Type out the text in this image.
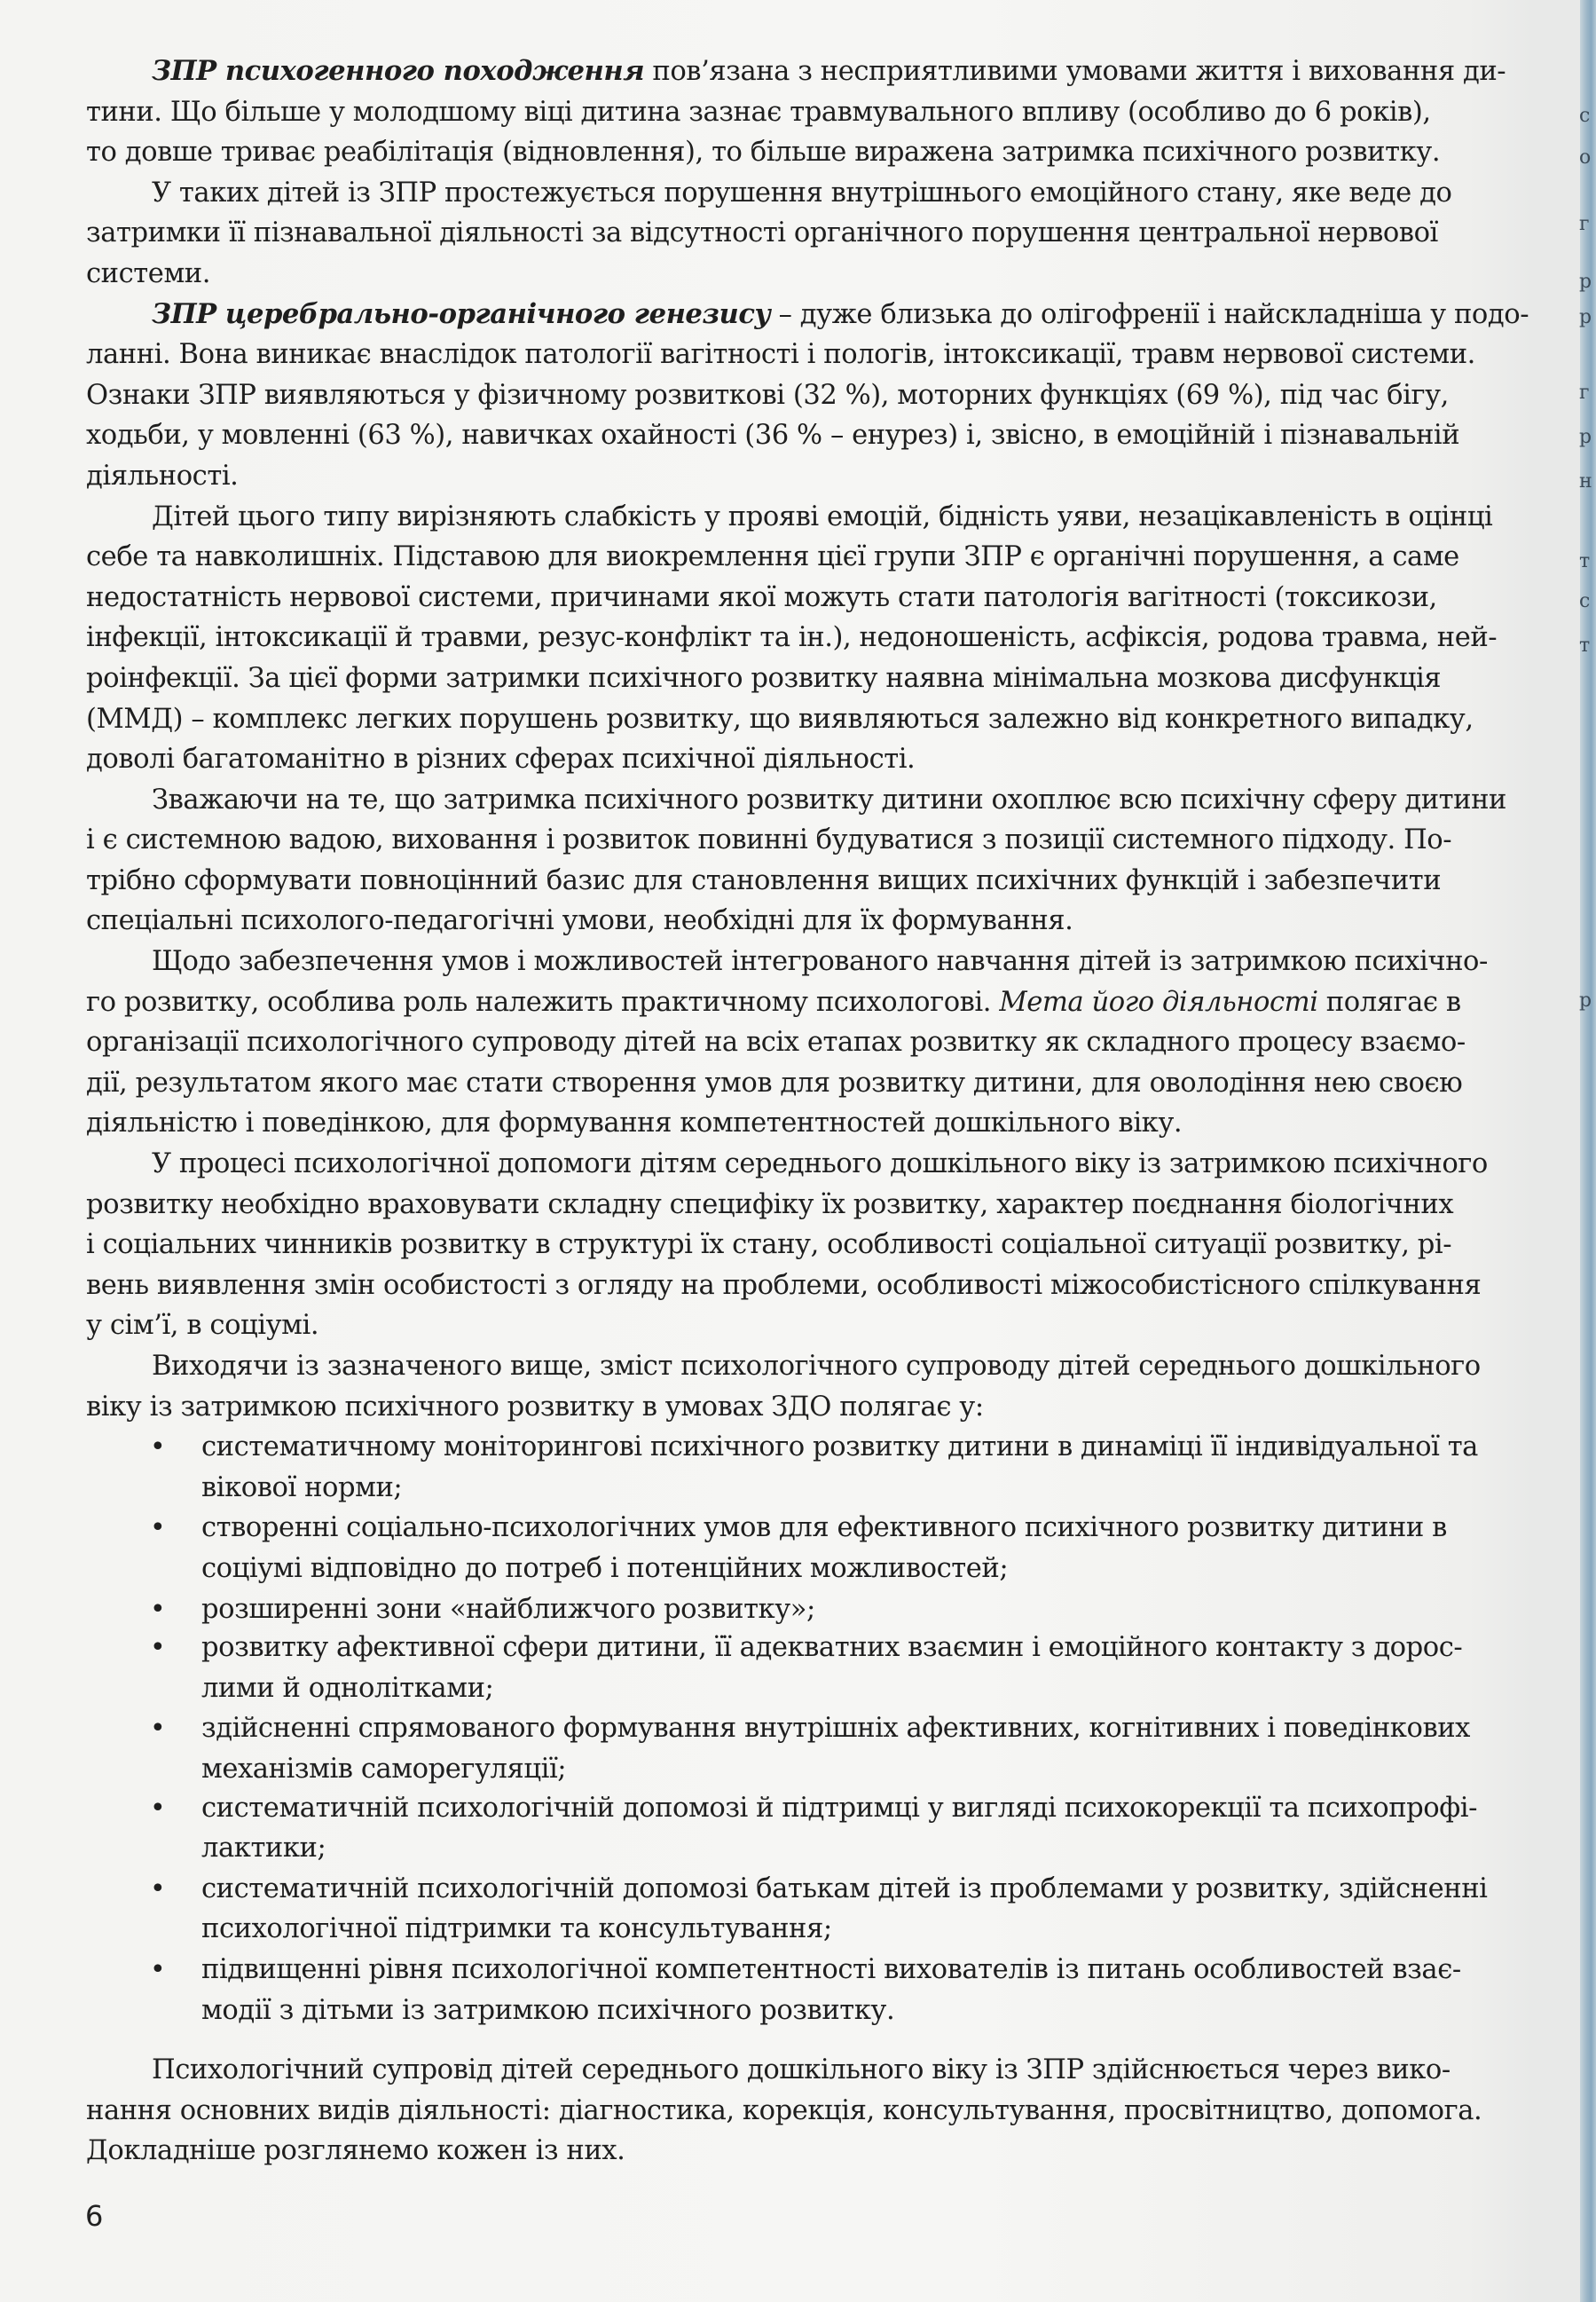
ЗПР психогенного походження пов’язана з несприятливими умовами життя і виховання ди-
тини. Що більше у молодшому віці дитина зазнає травмувального впливу (особливо до 6 років),
то довше триває реабілітація (відновлення), то більше виражена затримка психічного розвитку.
У таких дітей із ЗПР простежується порушення внутрішнього емоційного стану, яке веде до
затримки її пізнавальної діяльності за відсутності органічного порушення центральної нервової
системи.
ЗПР церебрально-органічного генезису – дуже близька до олігофренії і найскладніша у подо-
ланні. Вона виникає внаслідок патології вагітності і пологів, інтоксикації, травм нервової системи.
Ознаки ЗПР виявляються у фізичному розвиткові (32 %), моторних функціях (69 %), під час бігу,
ходьби, у мовленні (63 %), навичках охайності (36 % – енурез) і, звісно, в емоційній і пізнавальній
діяльності.
Дітей цього типу вирізняють слабкість у прояві емоцій, бідність уяви, незацікавленість в оцінці
себе та навколишніх. Підставою для виокремлення цієї групи ЗПР є органічні порушення, а саме
недостатність нервової системи, причинами якої можуть стати патологія вагітності (токсикози,
інфекції, інтоксикації й травми, резус-конфлікт та ін.), недоношеність, асфіксія, родова травма, ней-
роінфекції. За цієї форми затримки психічного розвитку наявна мінімальна мозкова дисфункція
(ММД) – комплекс легких порушень розвитку, що виявляються залежно від конкретного випадку,
доволі багатоманітно в різних сферах психічної діяльності.
Зважаючи на те, що затримка психічного розвитку дитини охоплює всю психічну сферу дитини
і є системною вадою, виховання і розвиток повинні будуватися з позиції системного підходу. По-
трібно сформувати повноцінний базис для становлення вищих психічних функцій і забезпечити
спеціальні психолого-педагогічні умови, необхідні для їх формування.
Щодо забезпечення умов і можливостей інтегрованого навчання дітей із затримкою психічно-
го розвитку, особлива роль належить практичному психологові. Мета його діяльності полягає в
організації психологічного супроводу дітей на всіх етапах розвитку як складного процесу взаємо-
дії, результатом якого має стати створення умов для розвитку дитини, для оволодіння нею своєю
діяльністю і поведінкою, для формування компетентностей дошкільного віку.
У процесі психологічної допомоги дітям середнього дошкільного віку із затримкою психічного
розвитку необхідно враховувати складну специфіку їх розвитку, характер поєднання біологічних
і соціальних чинників розвитку в структурі їх стану, особливості соціальної ситуації розвитку, рі-
вень виявлення змін особистості з огляду на проблеми, особливості міжособистісного спілкування
у сім’ї, в соціумі.
Виходячи із зазначеного вище, зміст психологічного супроводу дітей середнього дошкільного
віку із затримкою психічного розвитку в умовах ЗДО полягає у:
• систематичному моніторингові психічного розвитку дитини в динаміці її індивідуальної та
вікової норми;
• створенні соціально-психологічних умов для ефективного психічного розвитку дитини в
соціумі відповідно до потреб і потенційних можливостей;
• розширенні зони «найближчого розвитку»;
• розвитку афективної сфери дитини, її адекватних взаємин і емоційного контакту з дорос-
лими й однолітками;
• здійсненні спрямованого формування внутрішніх афективних, когнітивних і поведінкових
механізмів саморегуляції;
• систематичній психологічній допомозі й підтримці у вигляді психокорекції та психопрофі-
лактики;
• систематичній психологічній допомозі батькам дітей із проблемами у розвитку, здійсненні
психологічної підтримки та консультування;
• підвищенні рівня психологічної компетентності вихователів із питань особливостей взає-
модії з дітьми із затримкою психічного розвитку.
Психологічний супровід дітей середнього дошкільного віку із ЗПР здійснюється через вико-
нання основних видів діяльності: діагностика, корекція, консультування, просвітництво, допомога.
Докладніше розглянемо кожен із них.
6
с
о
г
р
р
г
р
н
т
с
т
р
